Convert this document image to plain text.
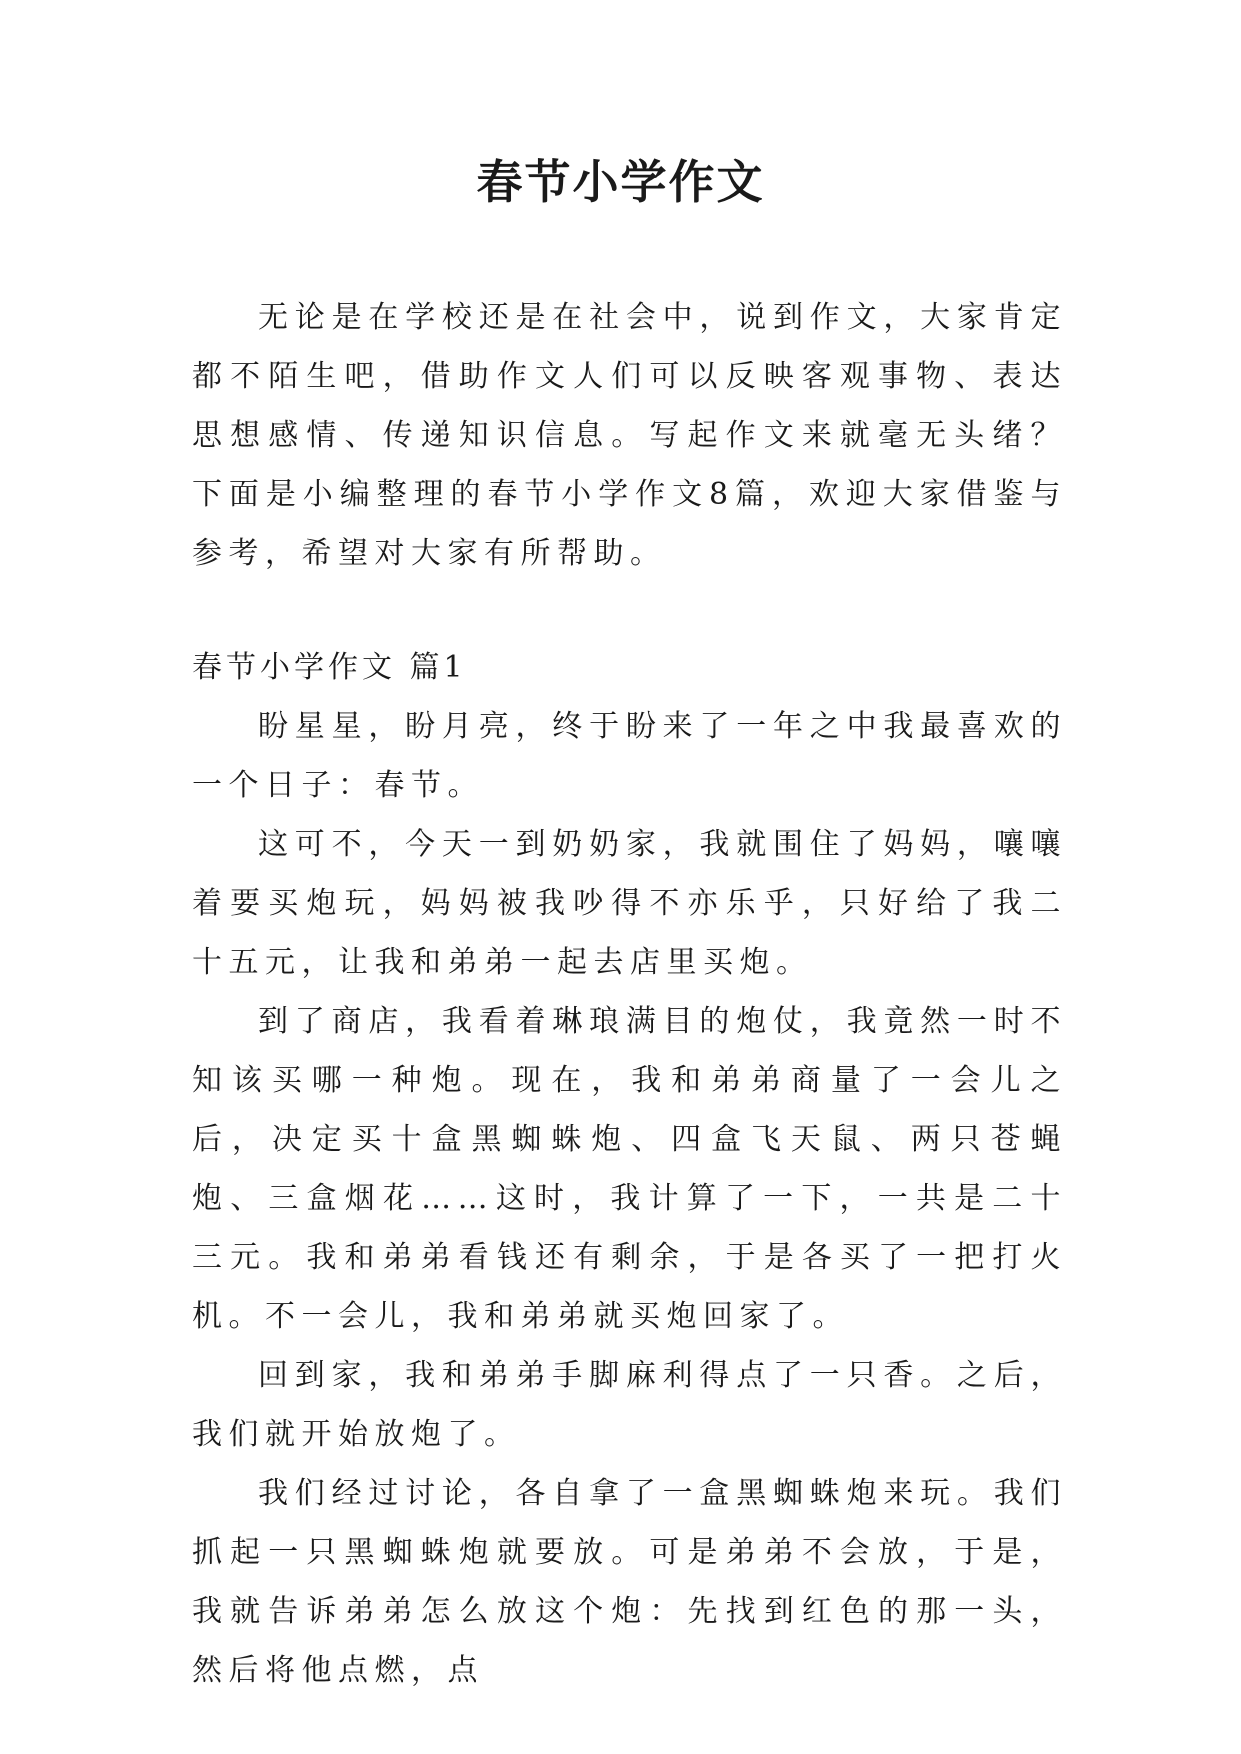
春节小学作文

无论是在学校还是在社会中，说到作文，大家肯定都不陌生吧，借助作文人们可以反映客观事物、表达思想感情、传递知识信息。写起作文来就毫无头绪？下面是小编整理的春节小学作文8篇，欢迎大家借鉴与参考，希望对大家有所帮助。

春节小学作文 篇1

盼星星，盼月亮，终于盼来了一年之中我最喜欢的一个日子：春节。

这可不，今天一到奶奶家，我就围住了妈妈，嚷嚷着要买炮玩，妈妈被我吵得不亦乐乎，只好给了我二十五元，让我和弟弟一起去店里买炮。

到了商店，我看着琳琅满目的炮仗，我竟然一时不知该买哪一种炮。现在，我和弟弟商量了一会儿之后，决定买十盒黑蜘蛛炮、四盒飞天鼠、两只苍蝇炮、三盒烟花……这时，我计算了一下，一共是二十三元。我和弟弟看钱还有剩余，于是各买了一把打火机。不一会儿，我和弟弟就买炮回家了。

回到家，我和弟弟手脚麻利得点了一只香。之后，我们就开始放炮了。

我们经过讨论，各自拿了一盒黑蜘蛛炮来玩。我们抓起一只黑蜘蛛炮就要放。可是弟弟不会放，于是，我就告诉弟弟怎么放这个炮：先找到红色的那一头，然后将他点燃，点
